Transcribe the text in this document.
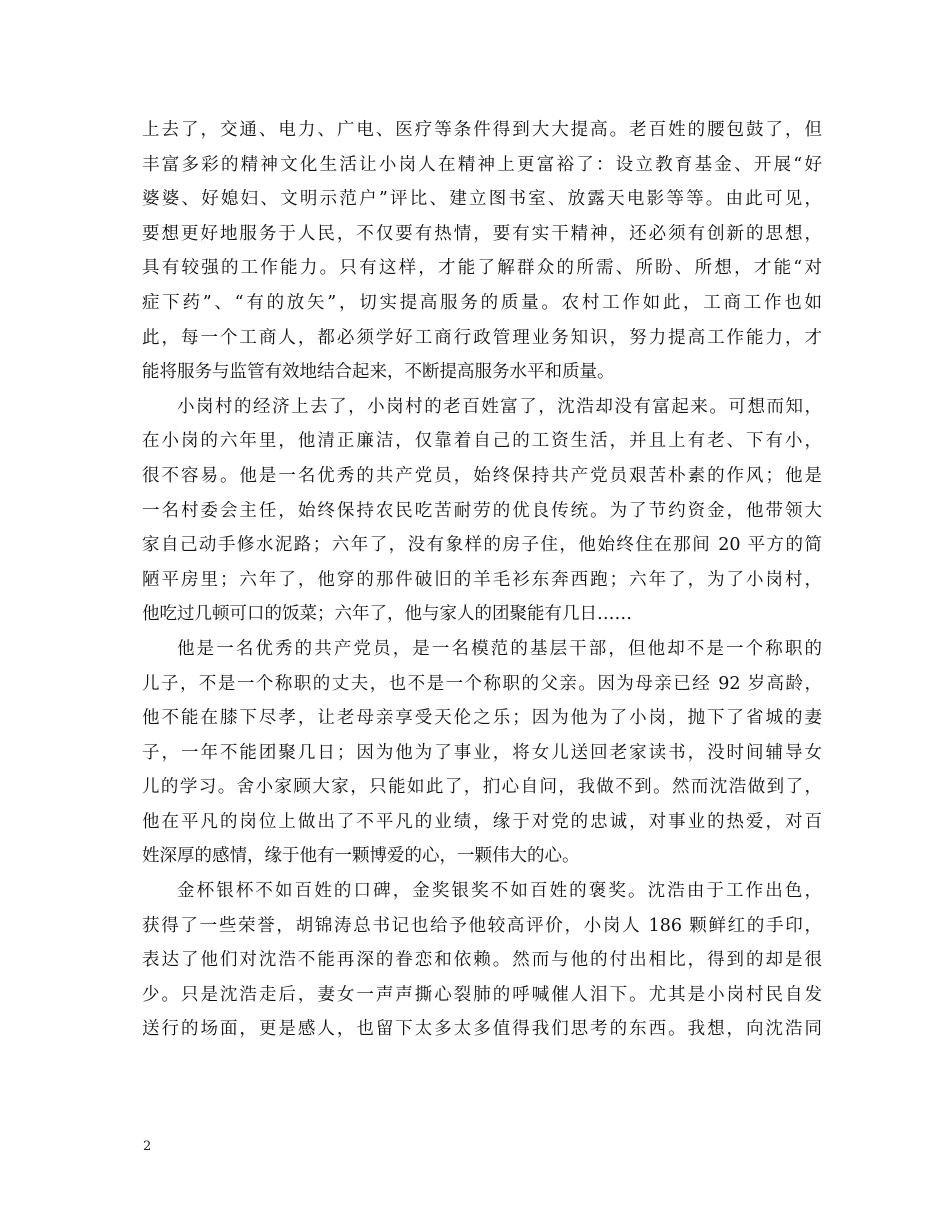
上去了，交通、电力、广电、医疗等条件得到大大提高。老百姓的腰包鼓了，但
丰富多彩的精神文化生活让小岗人在精神上更富裕了：设立教育基金、开展“好
婆婆、好媳妇、文明示范户”评比、建立图书室、放露天电影等等。由此可见，
要想更好地服务于人民，不仅要有热情，要有实干精神，还必须有创新的思想，
具有较强的工作能力。只有这样，才能了解群众的所需、所盼、所想，才能“对
症下药”、“有的放矢”，切实提高服务的质量。农村工作如此，工商工作也如
此，每一个工商人，都必须学好工商行政管理业务知识，努力提高工作能力，才
能将服务与监管有效地结合起来，不断提高服务水平和质量。
小岗村的经济上去了，小岗村的老百姓富了，沈浩却没有富起来。可想而知，
在小岗的六年里，他清正廉洁，仅靠着自己的工资生活，并且上有老、下有小，
很不容易。他是一名优秀的共产党员，始终保持共产党员艰苦朴素的作风；他是
一名村委会主任，始终保持农民吃苦耐劳的优良传统。为了节约资金，他带领大
家自己动手修水泥路；六年了，没有象样的房子住，他始终住在那间 20 平方的简
陋平房里；六年了，他穿的那件破旧的羊毛衫东奔西跑；六年了，为了小岗村，
他吃过几顿可口的饭菜；六年了，他与家人的团聚能有几日……
他是一名优秀的共产党员，是一名模范的基层干部，但他却不是一个称职的
儿子，不是一个称职的丈夫，也不是一个称职的父亲。因为母亲已经 92 岁高龄，
他不能在膝下尽孝，让老母亲享受天伦之乐；因为他为了小岗，抛下了省城的妻
子，一年不能团聚几日；因为他为了事业，将女儿送回老家读书，没时间辅导女
儿的学习。舍小家顾大家，只能如此了，扪心自问，我做不到。然而沈浩做到了，
他在平凡的岗位上做出了不平凡的业绩，缘于对党的忠诚，对事业的热爱，对百
姓深厚的感情，缘于他有一颗博爱的心，一颗伟大的心。
金杯银杯不如百姓的口碑，金奖银奖不如百姓的褒奖。沈浩由于工作出色，
获得了一些荣誉，胡锦涛总书记也给予他较高评价，小岗人 186 颗鲜红的手印，
表达了他们对沈浩不能再深的眷恋和依赖。然而与他的付出相比，得到的却是很
少。只是沈浩走后，妻女一声声撕心裂肺的呼喊催人泪下。尤其是小岗村民自发
送行的场面，更是感人，也留下太多太多值得我们思考的东西。我想，向沈浩同
2
